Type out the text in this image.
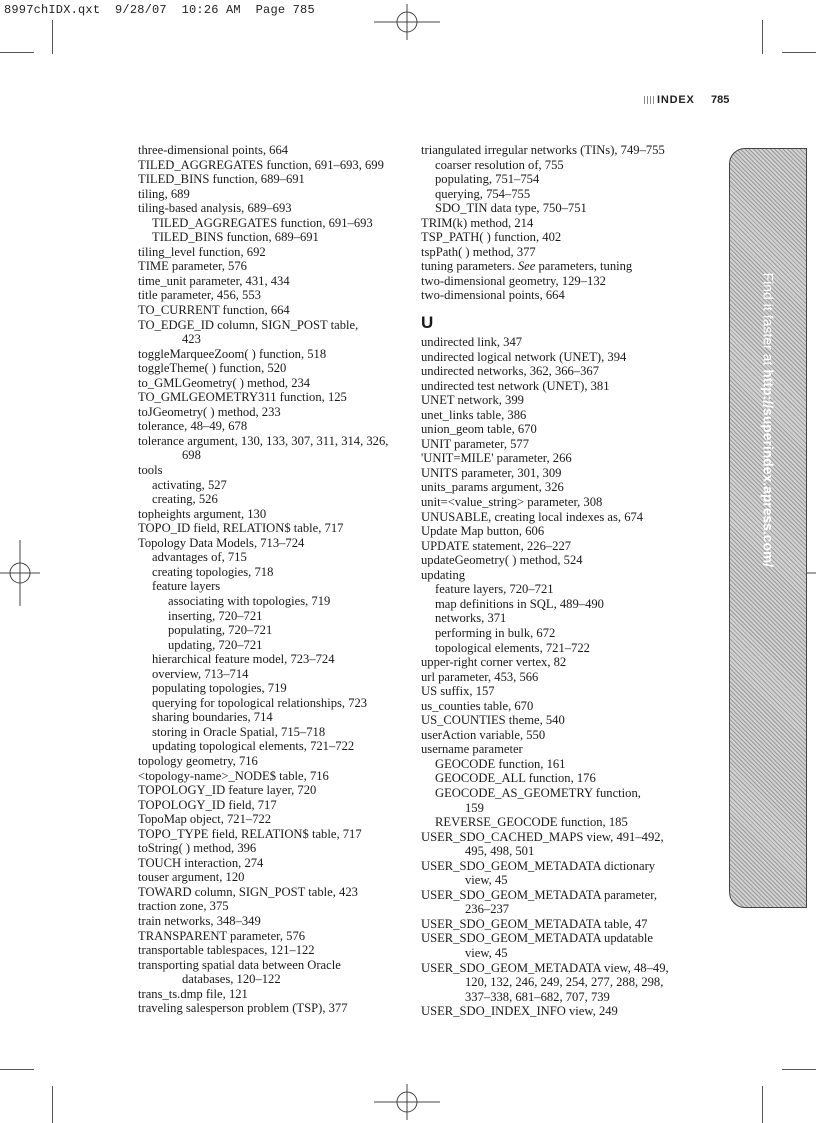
8997chIDX.qxt  9/28/07  10:26 AM  Page 785
INDEX 785
three-dimensional points, 664
TILED_AGGREGATES function, 691–693, 699
TILED_BINS function, 689–691
tiling, 689
tiling-based analysis, 689–693
TILED_AGGREGATES function, 691–693
TILED_BINS function, 689–691
tiling_level function, 692
TIME parameter, 576
time_unit parameter, 431, 434
title parameter, 456, 553
TO_CURRENT function, 664
TO_EDGE_ID column, SIGN_POST table,
423
toggleMarqueeZoom( ) function, 518
toggleTheme( ) function, 520
to_GMLGeometry( ) method, 234
TO_GMLGEOMETRY311 function, 125
toJGeometry( ) method, 233
tolerance, 48–49, 678
tolerance argument, 130, 133, 307, 311, 314, 326,
698
tools
activating, 527
creating, 526
topheights argument, 130
TOPO_ID field, RELATION$ table, 717
Topology Data Models, 713–724
advantages of, 715
creating topologies, 718
feature layers
associating with topologies, 719
inserting, 720–721
populating, 720–721
updating, 720–721
hierarchical feature model, 723–724
overview, 713–714
populating topologies, 719
querying for topological relationships, 723
sharing boundaries, 714
storing in Oracle Spatial, 715–718
updating topological elements, 721–722
topology geometry, 716
<topology-name>_NODE$ table, 716
TOPOLOGY_ID feature layer, 720
TOPOLOGY_ID field, 717
TopoMap object, 721–722
TOPO_TYPE field, RELATION$ table, 717
toString( ) method, 396
TOUCH interaction, 274
touser argument, 120
TOWARD column, SIGN_POST table, 423
traction zone, 375
train networks, 348–349
TRANSPARENT parameter, 576
transportable tablespaces, 121–122
transporting spatial data between Oracle
databases, 120–122
trans_ts.dmp file, 121
traveling salesperson problem (TSP), 377
triangulated irregular networks (TINs), 749–755
coarser resolution of, 755
populating, 751–754
querying, 754–755
SDO_TIN data type, 750–751
TRIM(k) method, 214
TSP_PATH( ) function, 402
tspPath( ) method, 377
tuning parameters. See parameters, tuning
two-dimensional geometry, 129–132
two-dimensional points, 664
U
undirected link, 347
undirected logical network (UNET), 394
undirected networks, 362, 366–367
undirected test network (UNET), 381
UNET network, 399
unet_links table, 386
union_geom table, 670
UNIT parameter, 577
'UNIT=MILE' parameter, 266
UNITS parameter, 301, 309
units_params argument, 326
unit=<value_string> parameter, 308
UNUSABLE, creating local indexes as, 674
Update Map button, 606
UPDATE statement, 226–227
updateGeometry( ) method, 524
updating
feature layers, 720–721
map definitions in SQL, 489–490
networks, 371
performing in bulk, 672
topological elements, 721–722
upper-right corner vertex, 82
url parameter, 453, 566
US suffix, 157
us_counties table, 670
US_COUNTIES theme, 540
userAction variable, 550
username parameter
GEOCODE function, 161
GEOCODE_ALL function, 176
GEOCODE_AS_GEOMETRY function,
159
REVERSE_GEOCODE function, 185
USER_SDO_CACHED_MAPS view, 491–492,
495, 498, 501
USER_SDO_GEOM_METADATA dictionary
view, 45
USER_SDO_GEOM_METADATA parameter,
236–237
USER_SDO_GEOM_METADATA table, 47
USER_SDO_GEOM_METADATA updatable
view, 45
USER_SDO_GEOM_METADATA view, 48–49,
120, 132, 246, 249, 254, 277, 288, 298,
337–338, 681–682, 707, 739
USER_SDO_INDEX_INFO view, 249
Find it faster at http://superindex.apress.com/
